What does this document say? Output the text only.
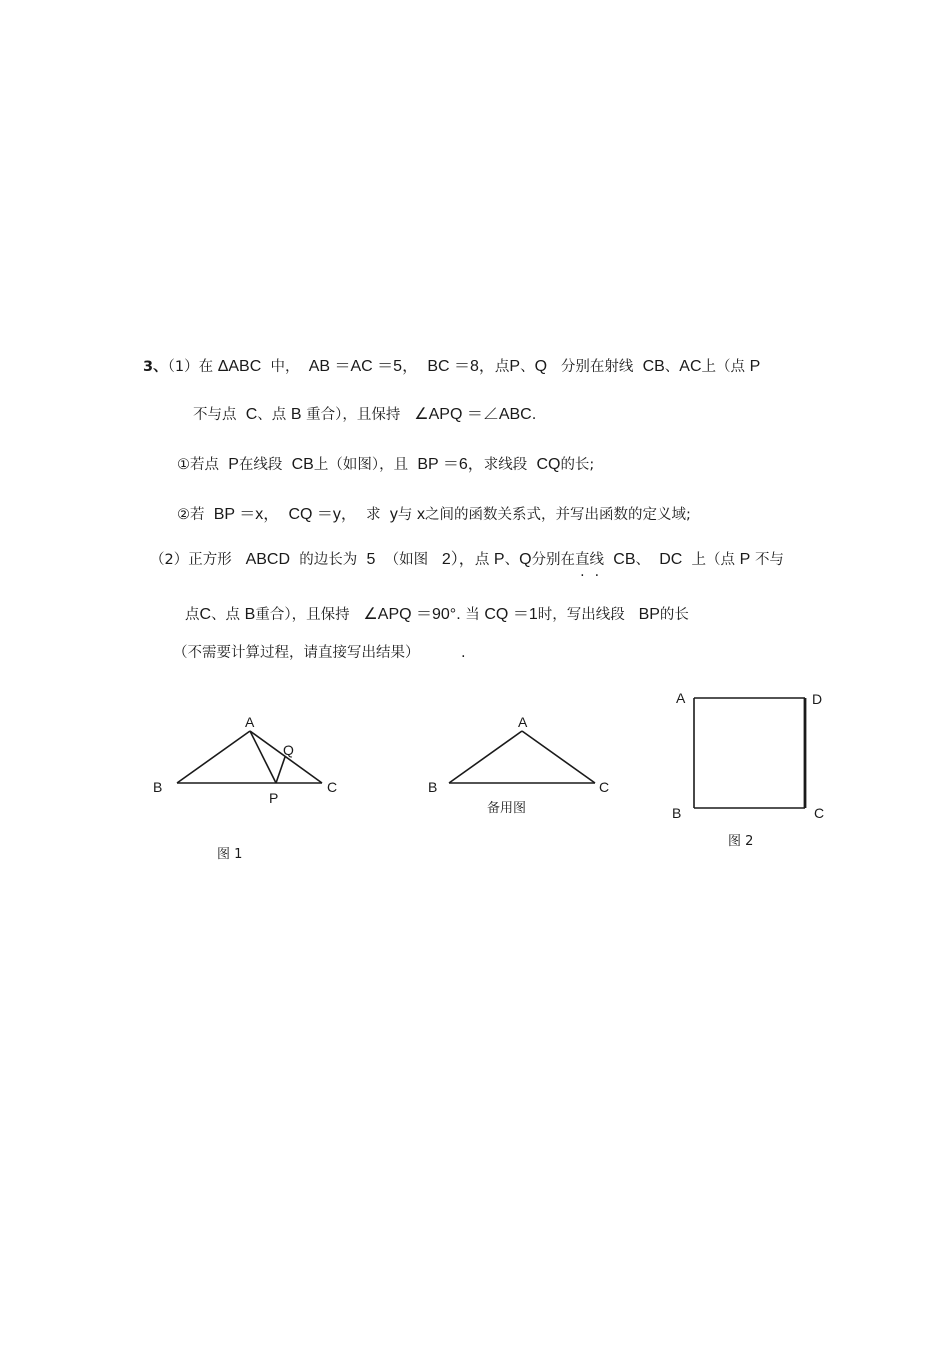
3、（1）在 ΔABC 中， AB ＝AC ＝5， BC ＝8，点P、Q 分别在射线 CB、AC上（点 P
不与点 C、点 B 重合），且保持 ∠APQ ＝∠ABC.
①若点 P在线段 CB上（如图），且 BP ＝6，求线段 CQ的长;
②若 BP ＝x， CQ ＝y， 求 y与 x之间的函数关系式，并写出函数的定义域;
（2）正方形 ABCD 的边长为 5 （如图 2），点 P、Q分别在直线 CB、 DC 上（点 P 不与
点C、点 B重合），且保持 ∠APQ ＝90°. 当 CQ ＝1时，写出线段 BP的长
（不需要计算过程，请直接写出结果）	.
A
Q
B	C
P
图 1
A
B	C
备用图
A	D
B	C
图 2
